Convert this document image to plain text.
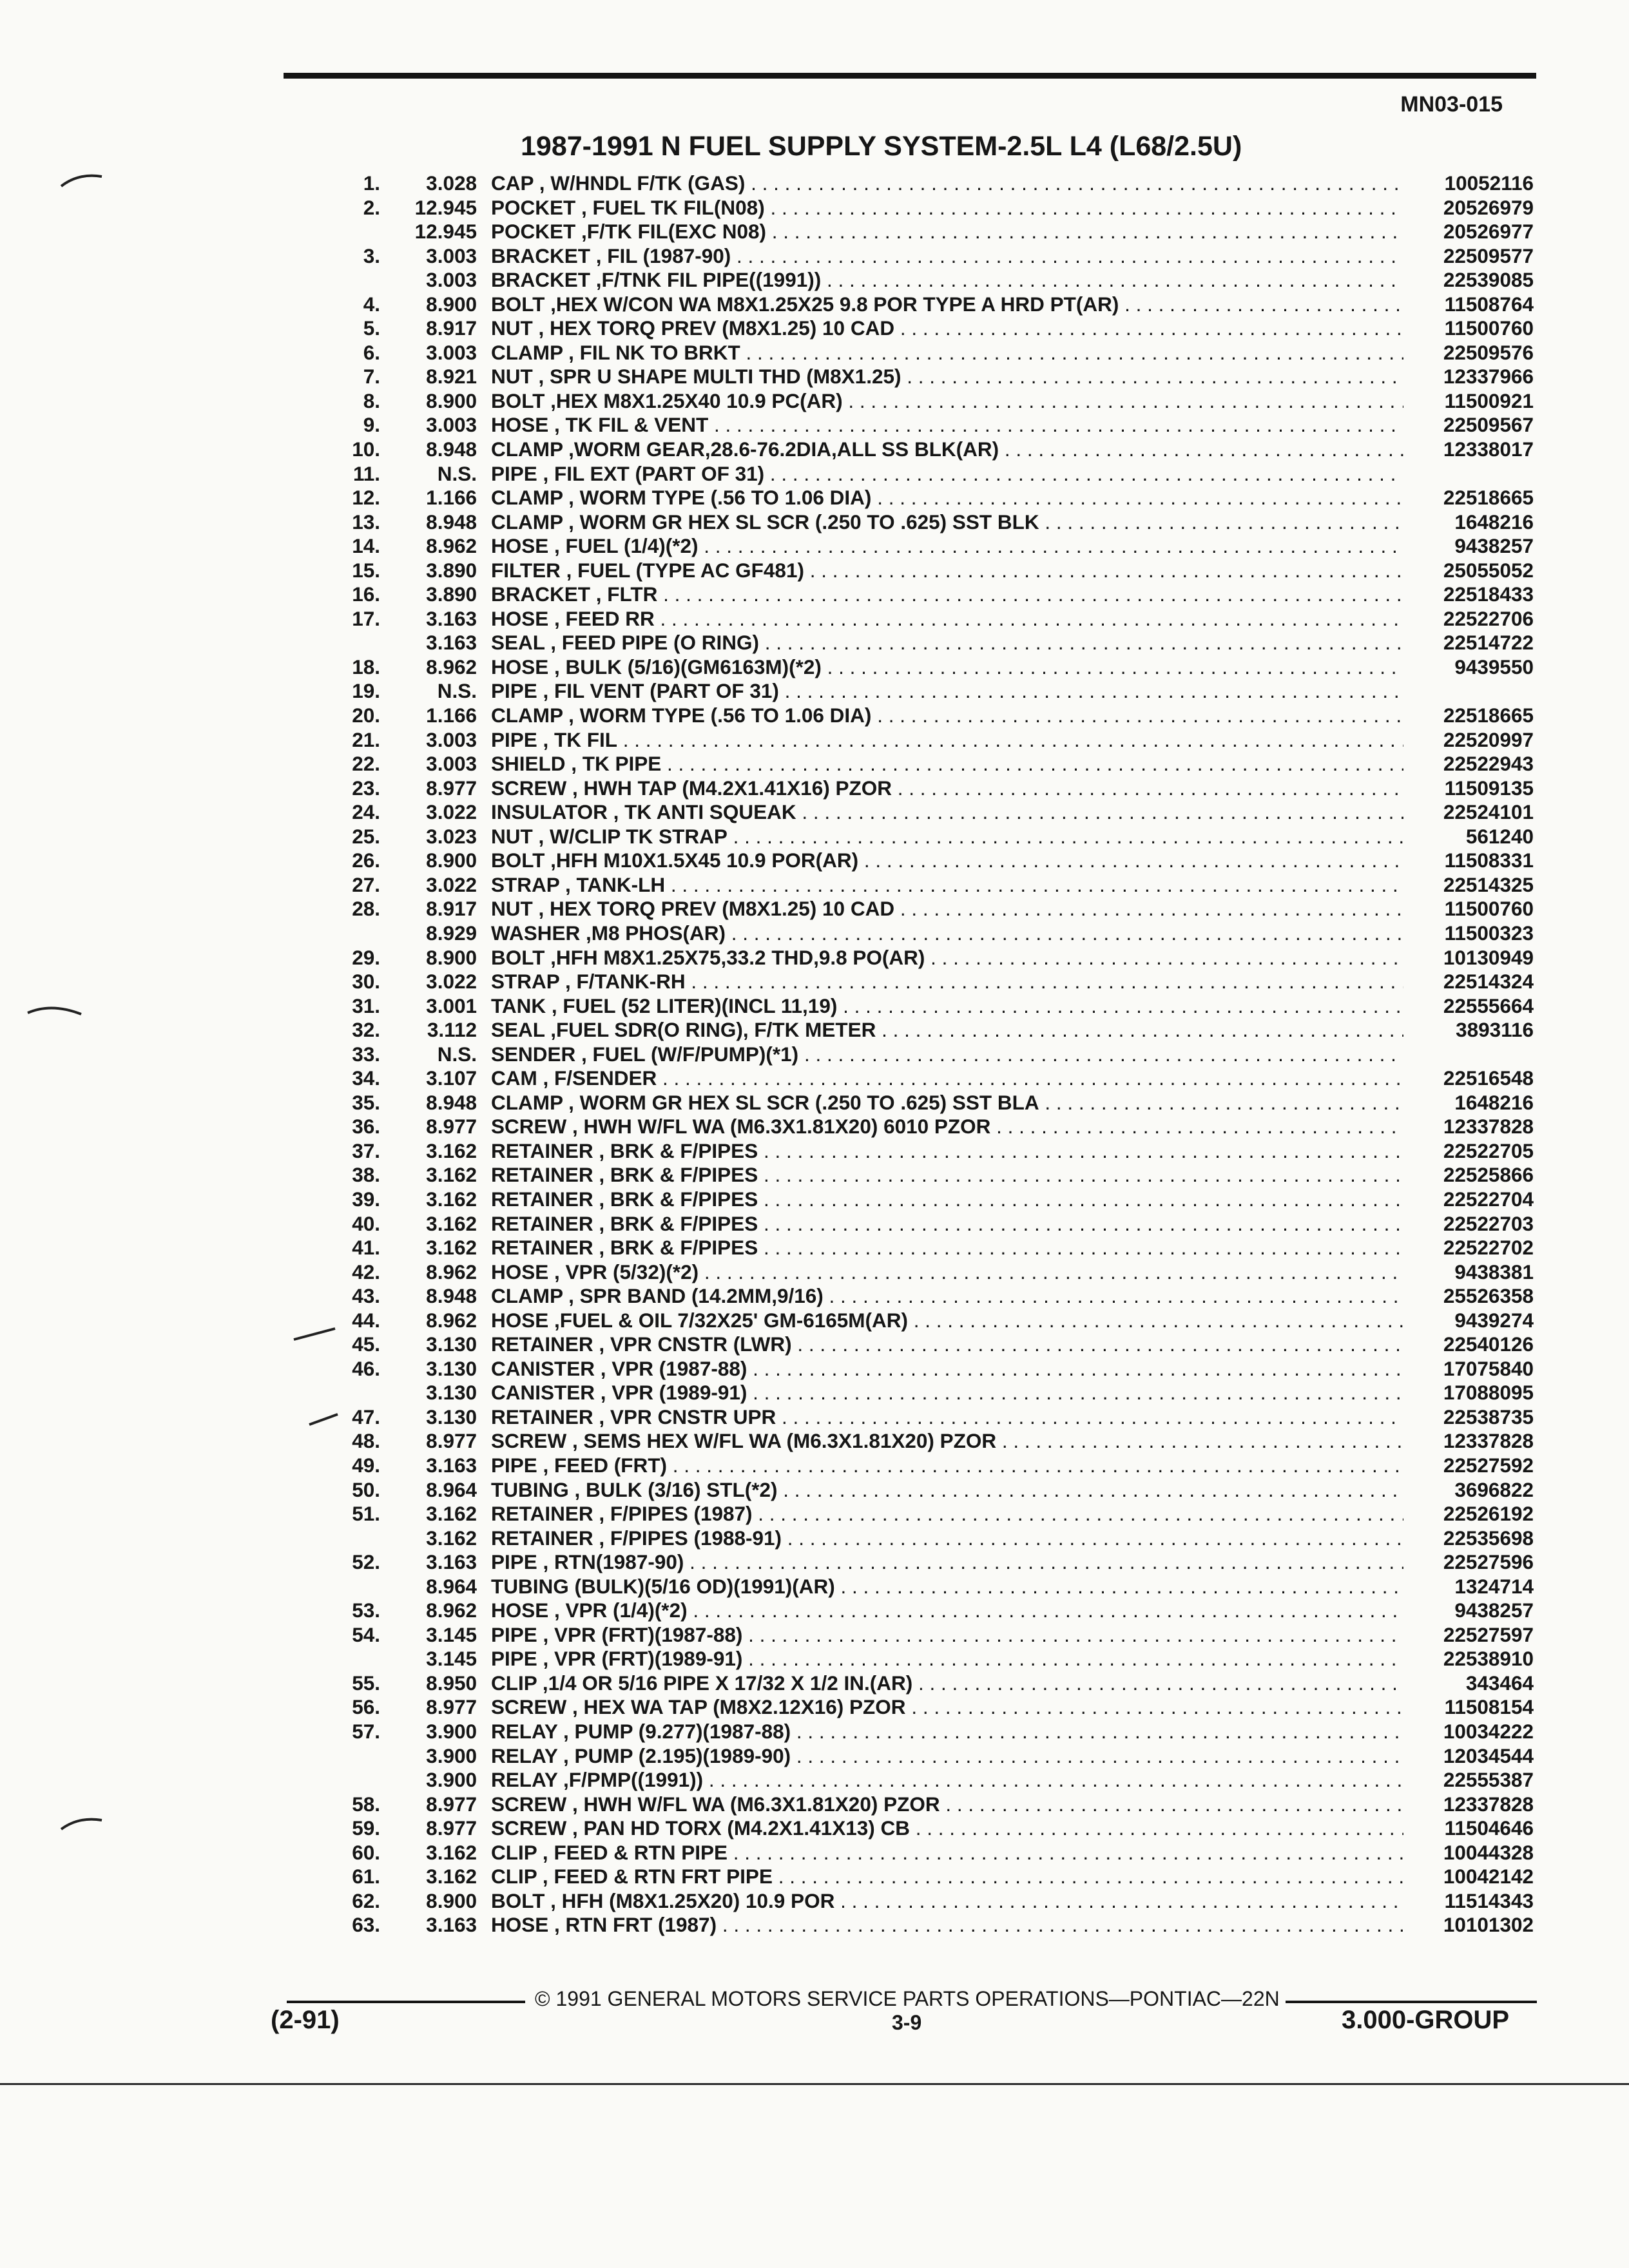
MN03-015
1987-1991 N FUEL SUPPLY SYSTEM-2.5L L4 (L68/2.5U)
1.	3.028 CAP , W/HNDL F/TK (GAS) . . .	10052116
2.	12.945 POCKET , FUEL TK FIL(N08) . . .	20526979
12.945 POCKET ,F/TK FIL(EXC N08) . . .	20526977
3.	3.003 BRACKET , FIL (1987-90) . . .	22509577
3.003 BRACKET ,F/TNK FIL PIPE((1991)) . . .	22539085
4.	8.900 BOLT ,HEX W/CON WA M8X1.25X25 9.8 POR TYPE A HRD PT(AR) . . .	11508764
5.	8.917 NUT , HEX TORQ PREV (M8X1.25) 10 CAD . . .	11500760
6.	3.003 CLAMP , FIL NK TO BRKT . . .	22509576
7.	8.921 NUT , SPR U SHAPE MULTI THD (M8X1.25) . . .	12337966
8.	8.900 BOLT ,HEX M8X1.25X40 10.9 PC(AR) . . .	11500921
9.	3.003 HOSE , TK FIL & VENT . . .	22509567
10.	8.948 CLAMP ,WORM GEAR,28.6-76.2DIA,ALL SS BLK(AR) . . .	12338017
11.	N.S. PIPE , FIL EXT (PART OF 31) . . .
12.	1.166 CLAMP , WORM TYPE (.56 TO 1.06 DIA) . . .	22518665
13.	8.948 CLAMP , WORM GR HEX SL SCR (.250 TO .625) SST BLK . . .	1648216
14.	8.962 HOSE , FUEL (1/4)(*2) . . .	9438257
15.	3.890 FILTER , FUEL (TYPE AC GF481) . . .	25055052
16.	3.890 BRACKET , FLTR . . .	22518433
17.	3.163 HOSE , FEED RR . . .	22522706
3.163 SEAL , FEED PIPE (O RING) . . .	22514722
18.	8.962 HOSE , BULK (5/16)(GM6163M)(*2) . . .	9439550
19.	N.S. PIPE , FIL VENT (PART OF 31) . . .
20.	1.166 CLAMP , WORM TYPE (.56 TO 1.06 DIA) . . .	22518665
21.	3.003 PIPE , TK FIL . . .	22520997
22.	3.003 SHIELD , TK PIPE . . .	22522943
23.	8.977 SCREW , HWH TAP (M4.2X1.41X16) PZOR . . .	11509135
24.	3.022 INSULATOR , TK ANTI SQUEAK . . .	22524101
25.	3.023 NUT , W/CLIP TK STRAP . . .	561240
26.	8.900 BOLT ,HFH M10X1.5X45 10.9 POR(AR) . . .	11508331
27.	3.022 STRAP , TANK-LH . . .	22514325
28.	8.917 NUT , HEX TORQ PREV (M8X1.25) 10 CAD . . .	11500760
8.929 WASHER ,M8 PHOS(AR) . . .	11500323
29.	8.900 BOLT ,HFH M8X1.25X75,33.2 THD,9.8 PO(AR) . . .	10130949
30.	3.022 STRAP , F/TANK-RH . . .	22514324
31.	3.001 TANK , FUEL (52 LITER)(INCL 11,19) . . .	22555664
32.	3.112 SEAL ,FUEL SDR(O RING), F/TK METER . . .	3893116
33.	N.S. SENDER , FUEL (W/F/PUMP)(*1) . . .
34.	3.107 CAM , F/SENDER . . .	22516548
35.	8.948 CLAMP , WORM GR HEX SL SCR (.250 TO .625) SST BLA . . .	1648216
36.	8.977 SCREW , HWH W/FL WA (M6.3X1.81X20) 6010 PZOR . . .	12337828
37.	3.162 RETAINER , BRK & F/PIPES . . .	22522705
38.	3.162 RETAINER , BRK & F/PIPES . . .	22525866
39.	3.162 RETAINER , BRK & F/PIPES . . .	22522704
40.	3.162 RETAINER , BRK & F/PIPES . . .	22522703
41.	3.162 RETAINER , BRK & F/PIPES . . .	22522702
42.	8.962 HOSE , VPR (5/32)(*2) . . .	9438381
43.	8.948 CLAMP , SPR BAND (14.2MM,9/16) . . .	25526358
44.	8.962 HOSE ,FUEL & OIL 7/32X25' GM-6165M(AR) . . .	9439274
45.	3.130 RETAINER , VPR CNSTR (LWR) . . .	22540126
46.	3.130 CANISTER , VPR (1987-88) . . .	17075840
3.130 CANISTER , VPR (1989-91) . . .	17088095
47.	3.130 RETAINER , VPR CNSTR UPR . . .	22538735
48.	8.977 SCREW , SEMS HEX W/FL WA (M6.3X1.81X20) PZOR . . .	12337828
49.	3.163 PIPE , FEED (FRT) . . .	22527592
50.	8.964 TUBING , BULK (3/16) STL(*2) . . .	3696822
51.	3.162 RETAINER , F/PIPES (1987) . . .	22526192
3.162 RETAINER , F/PIPES (1988-91) . . .	22535698
52.	3.163 PIPE , RTN(1987-90) . . .	22527596
8.964 TUBING (BULK)(5/16 OD)(1991)(AR) . . .	1324714
53.	8.962 HOSE , VPR (1/4)(*2) . . .	9438257
54.	3.145 PIPE , VPR (FRT)(1987-88) . . .	22527597
3.145 PIPE , VPR (FRT)(1989-91) . . .	22538910
55.	8.950 CLIP ,1/4 OR 5/16 PIPE X 17/32 X 1/2 IN.(AR) . . .	343464
56.	8.977 SCREW , HEX WA TAP (M8X2.12X16) PZOR . . .	11508154
57.	3.900 RELAY , PUMP (9.277)(1987-88) . . .	10034222
3.900 RELAY , PUMP (2.195)(1989-90) . . .	12034544
3.900 RELAY ,F/PMP((1991)) . . .	22555387
58.	8.977 SCREW , HWH W/FL WA (M6.3X1.81X20) PZOR . . .	12337828
59.	8.977 SCREW , PAN HD TORX (M4.2X1.41X13) CB . . .	11504646
60.	3.162 CLIP , FEED & RTN PIPE . . .	10044328
61.	3.162 CLIP , FEED & RTN FRT PIPE . . .	10042142
62.	8.900 BOLT , HFH (M8X1.25X20) 10.9 POR . . .	11514343
63.	3.163 HOSE , RTN FRT (1987) . . .	10101302
© 1991 GENERAL MOTORS SERVICE PARTS OPERATIONS—PONTIAC—22N
(2-91)	3-9	3.000-GROUP
